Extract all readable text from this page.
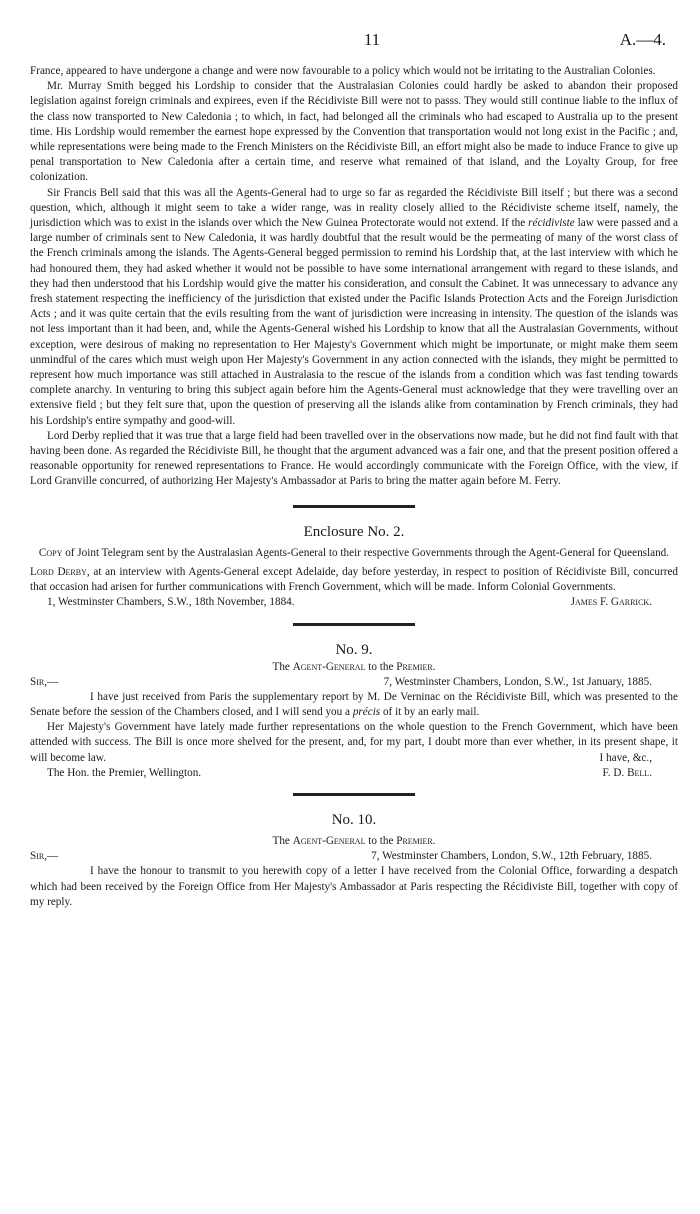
11	A.—4.

France, appeared to have undergone a change and were now favourable to a policy which would not be irritating to the Australian Colonies.

Mr. Murray Smith begged his Lordship to consider that the Australasian Colonies could hardly be asked to abandon their proposed legislation against foreign criminals and expirees, even if the Récidiviste Bill were not to passs. They would still continue liable to the influx of the class now transported to New Caledonia ; to which, in fact, had belonged all the criminals who had escaped to Australia up to the present time. His Lordship would remember the earnest hope expressed by the Convention that transportation would not long exist in the Pacific ; and, while representations were being made to the French Ministers on the Récidiviste Bill, an effort might also be made to induce France to give up penal transportation to New Caledonia after a certain time, and reserve what remained of that island, and the Loyalty Group, for free colonization.

Sir Francis Bell said that this was all the Agents-General had to urge so far as regarded the Récidiviste Bill itself ; but there was a second question, which, although it might seem to take a wider range, was in reality closely allied to the Récidiviste scheme itself, namely, the jurisdiction which was to exist in the islands over which the New Guinea Protectorate would not extend. If the récidiviste law were passed and a large number of criminals sent to New Caledonia, it was hardly doubtful that the result would be the permeating of many of the worst class of the French criminals among the islands. The Agents-General begged permission to remind his Lordship that, at the last interview with which he had honoured them, they had asked whether it would not be possible to have some international arrangement with regard to these islands, and they had then understood that his Lordship would give the matter his consideration, and consult the Cabinet. It was unnecessary to advance any fresh statement respecting the inefficiency of the jurisdiction that existed under the Pacific Islands Protection Acts and the Foreign Jurisdiction Acts ; and it was quite certain that the evils resulting from the want of jurisdiction were increasing in intensity. The question of the islands was not less important than it had been, and, while the Agents-General wished his Lordship to know that all the Australasian Governments, without exception, were desirous of making no representation to Her Majesty's Government which might be importunate, or might make them seem unmindful of the cares which must weigh upon Her Majesty's Government in any action connected with the islands, they might be permitted to represent how much importance was still attached in Australasia to the rescue of the islands from a condition which was fast tending towards complete anarchy. In venturing to bring this subject again before him the Agents-General must acknowledge that they were travelling over an extensive field ; but they felt sure that, upon the question of preserving all the islands alike from contamination by French criminals, they had his Lordship's entire sympathy and good-will.

Lord Derby replied that it was true that a large field had been travelled over in the observations now made, but he did not find fault with that having been done. As regarded the Récidiviste Bill, he thought that the argument advanced was a fair one, and that the present position offered a reasonable opportunity for renewed representations to France. He would accordingly communicate with the Foreign Office, with the view, if Lord Granville concurred, of authorizing Her Majesty's Ambassador at Paris to bring the matter again before M. Ferry.

Enclosure No. 2.

Copy of Joint Telegram sent by the Australasian Agents-General to their respective Governments through the Agent-General for Queensland.

Lord Derby, at an interview with Agents-General except Adelaide, day before yesterday, in respect to position of Récidiviste Bill, concurred that occasion had arisen for further communications with French Government, which will be made. Inform Colonial Governments.

1, Westminster Chambers, S.W., 18th November, 1884.	James F. Garrick.

No. 9.

The Agent-General to the Premier.

Sir,—	7, Westminster Chambers, London, S.W., 1st January, 1885.

I have just received from Paris the supplementary report by M. De Verninac on the Récidiviste Bill, which was presented to the Senate before the session of the Chambers closed, and I will send you a précis of it by an early mail.

Her Majesty's Government have lately made further representations on the whole question to the French Government, which have been attended with success. The Bill is once more shelved for the present, and, for my part, I doubt more than ever whether, in its present shape, it will become law.	I have, &c.,

The Hon. the Premier, Wellington.	F. D. Bell.

No. 10.

The Agent-General to the Premier.

Sir,—	7, Westminster Chambers, London, S.W., 12th February, 1885.

I have the honour to transmit to you herewith copy of a letter I have received from the Colonial Office, forwarding a despatch which had been received by the Foreign Office from Her Majesty's Ambassador at Paris respecting the Récidiviste Bill, together with copy of my reply.
